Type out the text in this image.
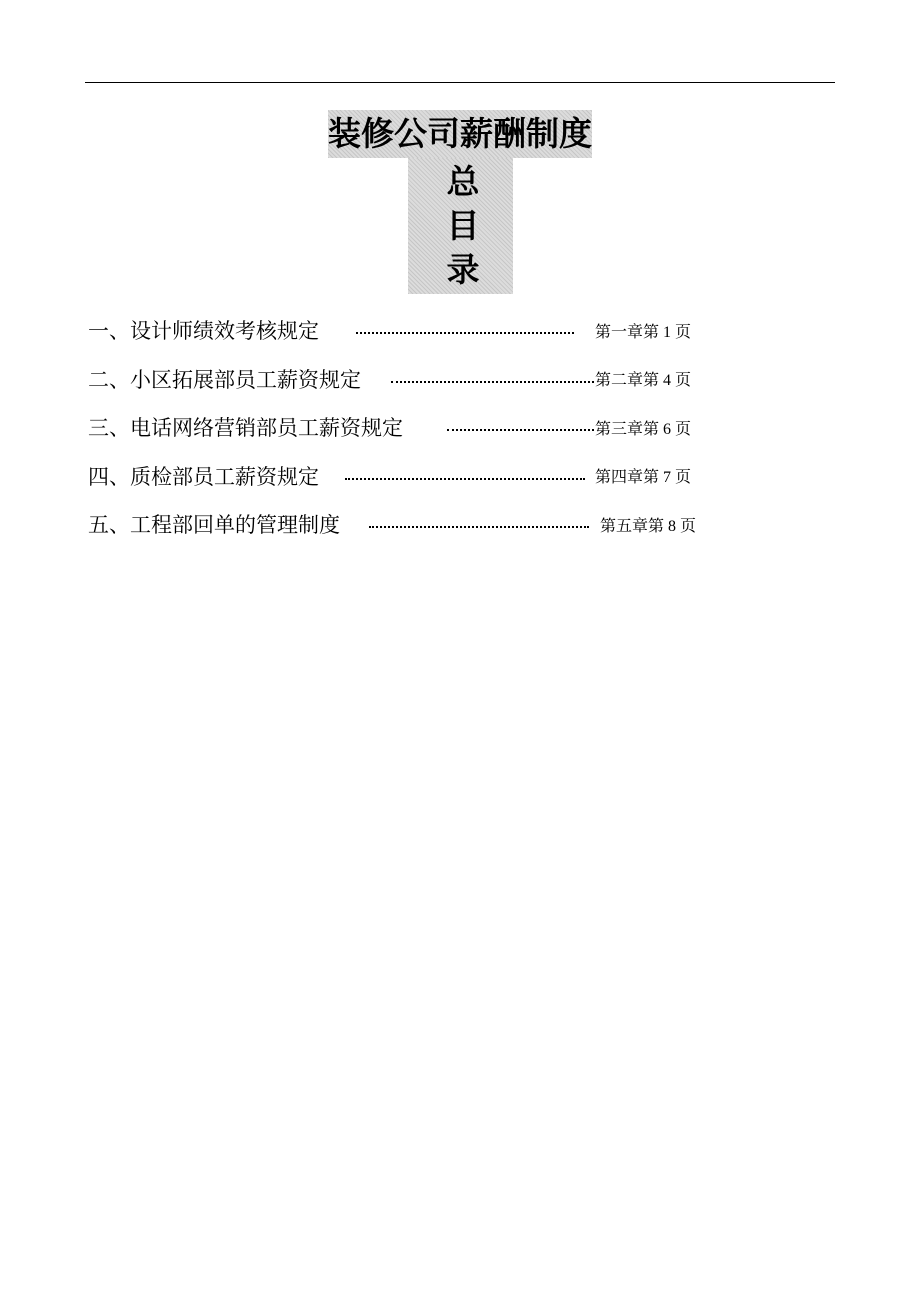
装修公司薪酬制度
总目录
一、设计师绩效考核规定	第一章第 1 页
二、小区拓展部员工薪资规定	第二章第 4 页
三、电话网络营销部员工薪资规定	第三章第 6 页
四、质检部员工薪资规定	第四章第 7 页
五、工程部回单的管理制度	第五章第 8 页
